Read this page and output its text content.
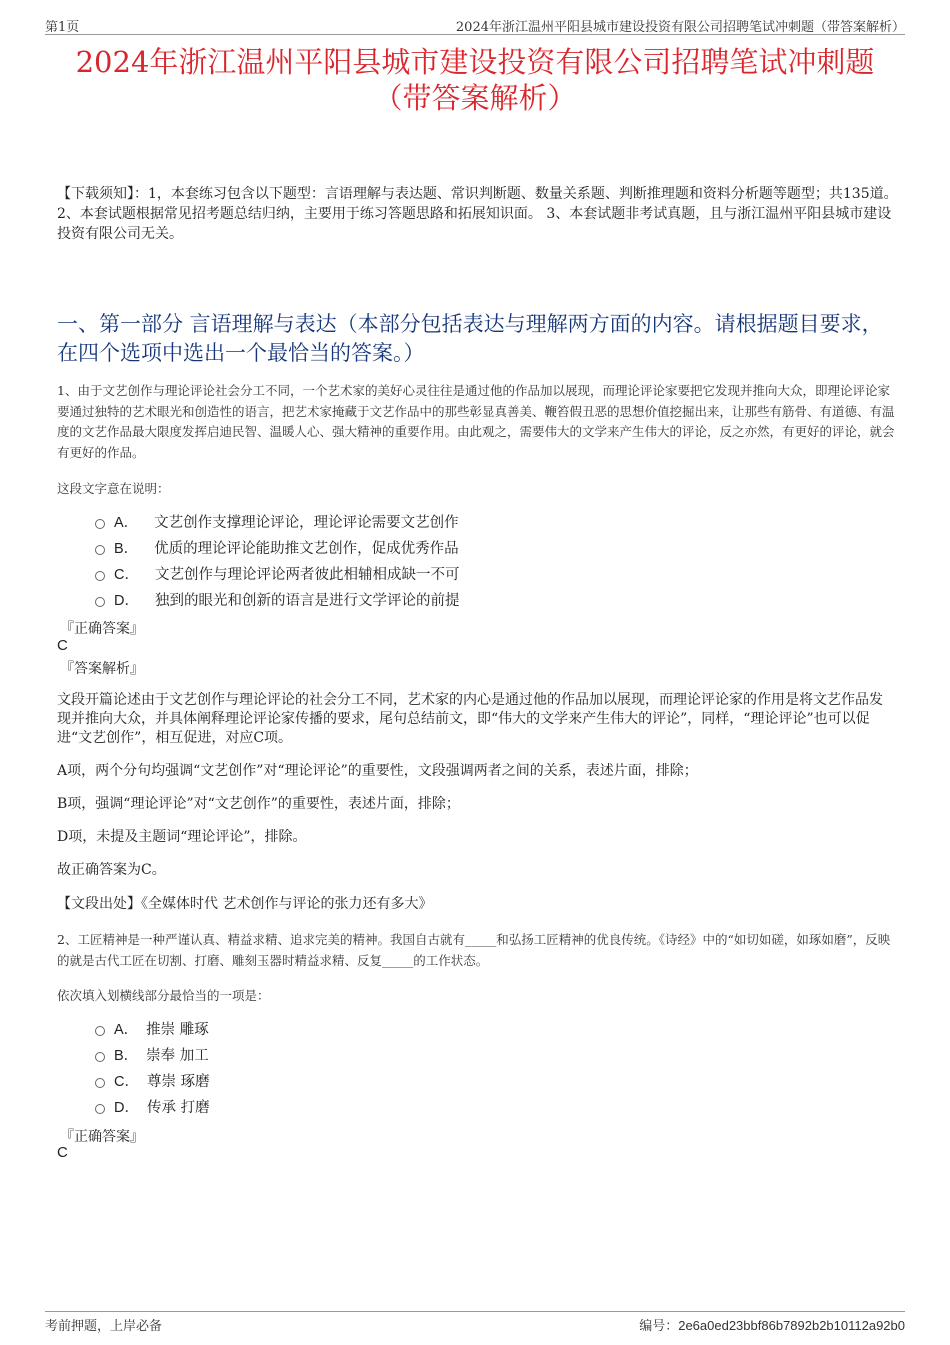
第1页	2024年浙江温州平阳县城市建设投资有限公司招聘笔试冲刺题（带答案解析）
2024年浙江温州平阳县城市建设投资有限公司招聘笔试冲刺题
（带答案解析）
【下载须知】：1，本套练习包含以下题型：言语理解与表达题、常识判断题、数量关系题、判断推理题和资料分析题等题型；共135道。 2、本套试题根据常见招考题总结归纳，主要用于练习答题思路和拓展知识面。 3、本套试题非考试真题，且与浙江温州平阳县城市建设投资有限公司无关。
一、第一部分 言语理解与表达（本部分包括表达与理解两方面的内容。请根据题目要求，在四个选项中选出一个最恰当的答案。）
1、由于文艺创作与理论评论社会分工不同，一个艺术家的美好心灵往往是通过他的作品加以展现，而理论评论家要把它发现并推向大众，即理论评论家要通过独特的艺术眼光和创造性的语言，把艺术家掩藏于文艺作品中的那些彰显真善美、鞭笞假丑恶的思想价值挖掘出来，让那些有筋骨、有道德、有温度的文艺作品最大限度发挥启迪民智、温暖人心、强大精神的重要作用。由此观之，需要伟大的文学来产生伟大的评论，反之亦然，有更好的评论，就会有更好的作品。
这段文字意在说明：
A． 文艺创作支撑理论评论，理论评论需要文艺创作
B． 优质的理论评论能助推文艺创作，促成优秀作品
C． 文艺创作与理论评论两者彼此相辅相成缺一不可
D． 独到的眼光和创新的语言是进行文学评论的前提
『正确答案』
C
『答案解析』
文段开篇论述由于文艺创作与理论评论的社会分工不同，艺术家的内心是通过他的作品加以展现，而理论评论家的作用是将文艺作品发现并推向大众，并具体阐释理论评论家传播的要求，尾句总结前文，即“伟大的文学来产生伟大的评论”，同样，“理论评论”也可以促进“文艺创作”，相互促进，对应C项。
A项，两个分句均强调“文艺创作”对“理论评论”的重要性，文段强调两者之间的关系，表述片面，排除；
B项，强调“理论评论”对“文艺创作”的重要性，表述片面，排除；
D项，未提及主题词“理论评论”，排除。
故正确答案为C。
【文段出处】《全媒体时代 艺术创作与评论的张力还有多大》
2、工匠精神是一种严谨认真、精益求精、追求完美的精神。我国自古就有_____和弘扬工匠精神的优良传统。《诗经》中的“如切如磋，如琢如磨”，反映的就是古代工匠在切割、打磨、雕刻玉器时精益求精、反复_____的工作状态。
依次填入划横线部分最恰当的一项是：
A． 推崇 雕琢
B． 崇奉 加工
C． 尊崇 琢磨
D． 传承 打磨
『正确答案』
C
考前押题，上岸必备	编号：2e6a0ed23bbf86b7892b2b10112a92b0
